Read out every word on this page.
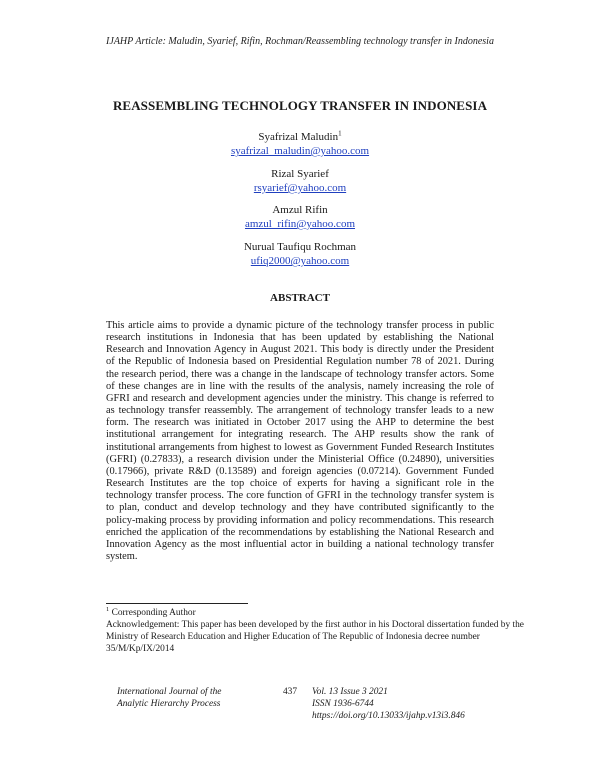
IJAHP Article: Maludin, Syarief, Rifin, Rochman/Reassembling technology transfer in Indonesia
REASSEMBLING TECHNOLOGY TRANSFER IN INDONESIA
Syafrizal Maludin$^1$
syafrizal_maludin@yahoo.com
Rizal Syarief
rsyarief@yahoo.com
Amzul Rifin
amzul_rifin@yahoo.com
Nurual Taufiqu Rochman
ufiq2000@yahoo.com
ABSTRACT
This article aims to provide a dynamic picture of the technology transfer process in public research institutions in Indonesia that has been updated by establishing the National Research and Innovation Agency in August 2021. This body is directly under the President of the Republic of Indonesia based on Presidential Regulation number 78 of 2021. During the research period, there was a change in the landscape of technology transfer actors. Some of these changes are in line with the results of the analysis, namely increasing the role of GFRI and research and development agencies under the ministry. This change is referred to as technology transfer reassembly. The arrangement of technology transfer leads to a new form. The research was initiated in October 2017 using the AHP to determine the best institutional arrangement for integrating research. The AHP results show the rank of institutional arrangements from highest to lowest as Government Funded Research Institutes (GFRI) (0.27833), a research division under the Ministerial Office (0.24890), universities (0.17966), private R&D (0.13589) and foreign agencies (0.07214). Government Funded Research Institutes are the top choice of experts for having a significant role in the technology transfer process. The core function of GFRI in the technology transfer system is to plan, conduct and develop technology and they have contributed significantly to the policy-making process by providing information and policy recommendations. This research enriched the application of the recommendations by establishing the National Research and Innovation Agency as the most influential actor in building a national technology transfer system.
$^1$ Corresponding Author
Acknowledgement: This paper has been developed by the first author in his Doctoral dissertation funded by the Ministry of Research Education and Higher Education of The Republic of Indonesia decree number 35/M/Kp/IX/2014
International Journal of the
Analytic Hierarchy Process
437	Vol. 13 Issue 3 2021
ISSN 1936-6744
https://doi.org/10.13033/ijahp.v13i3.846
